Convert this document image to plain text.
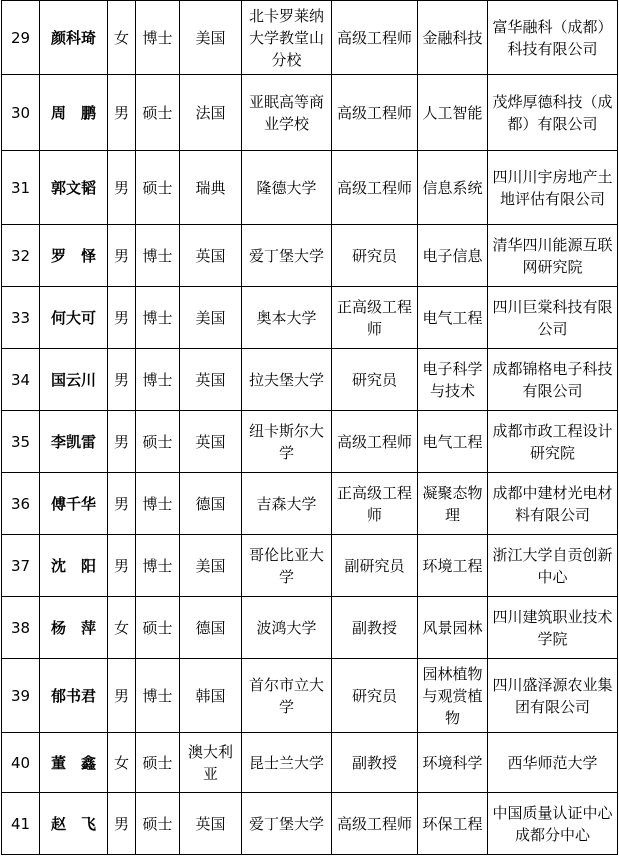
29	颜科琦	女	博士	美国	北卡罗莱纳大学教堂山分校	高级工程师	金融科技	富华融科（成都）科技有限公司
30	周　鹏	男	硕士	法国	亚眠高等商业学校	高级工程师	人工智能	茂烨厚德科技（成都）有限公司
31	郭文韬	男	硕士	瑞典	隆德大学	高级工程师	信息系统	四川川宇房地产土地评估有限公司
32	罗　怿	男	博士	英国	爱丁堡大学	研究员	电子信息	清华四川能源互联网研究院
33	何大可	男	博士	美国	奥本大学	正高级工程师	电气工程	四川巨棠科技有限公司
34	国云川	男	博士	英国	拉夫堡大学	研究员	电子科学与技术	成都锦格电子科技有限公司
35	李凯雷	男	硕士	英国	纽卡斯尔大学	高级工程师	电气工程	成都市政工程设计研究院
36	傅千华	男	博士	德国	吉森大学	正高级工程师	凝聚态物理	成都中建材光电材料有限公司
37	沈　阳	男	博士	美国	哥伦比亚大学	副研究员	环境工程	浙江大学自贡创新中心
38	杨　萍	女	硕士	德国	波鸿大学	副教授	风景园林	四川建筑职业技术学院
39	郁书君	男	博士	韩国	首尔市立大学	研究员	园林植物与观赏植物	四川盛泽源农业集团有限公司
40	董　鑫	女	硕士	澳大利亚	昆士兰大学	副教授	环境科学	西华师范大学
41	赵　飞	男	硕士	英国	爱丁堡大学	高级工程师	环保工程	中国质量认证中心成都分中心
